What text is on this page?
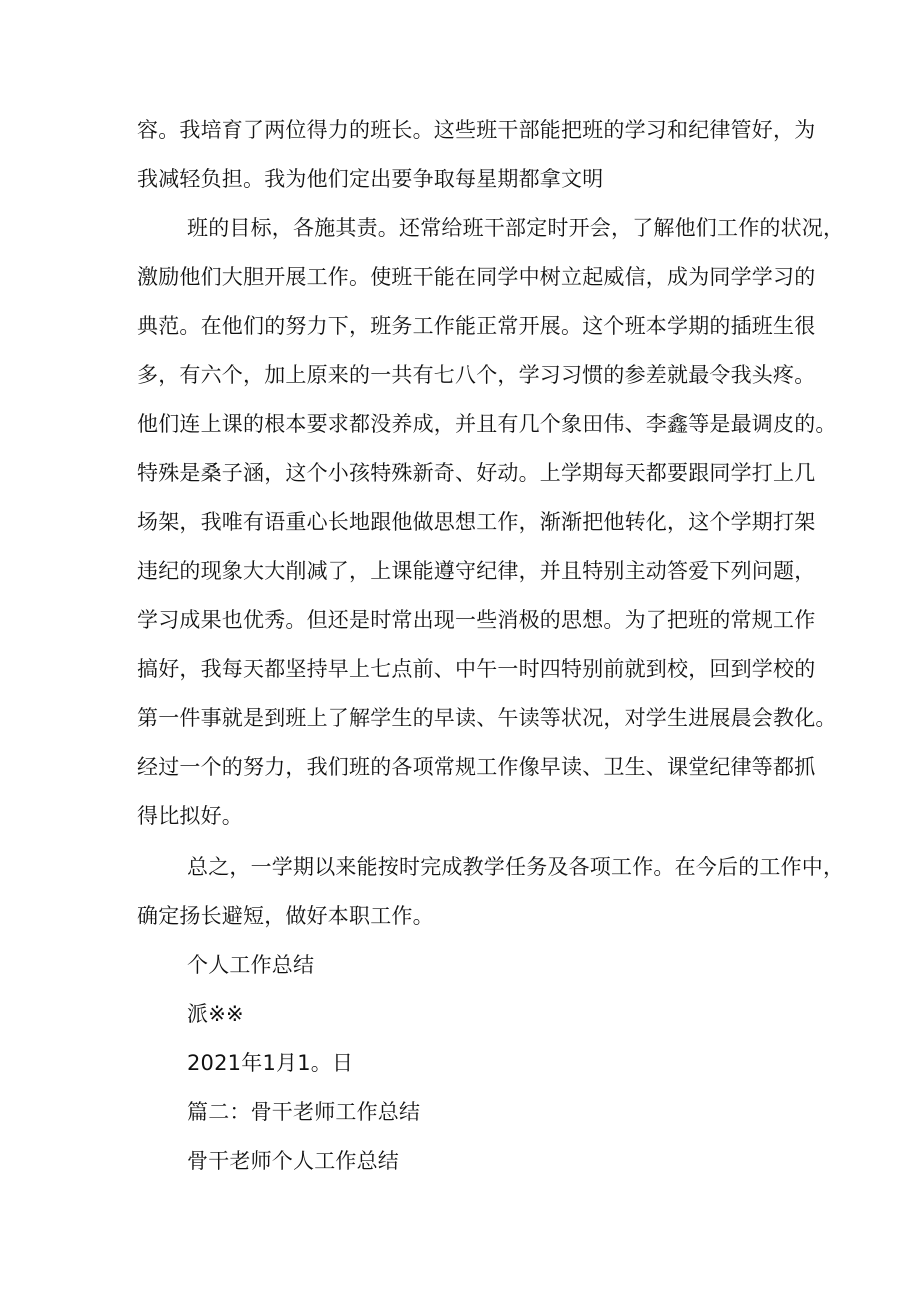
容。我培育了两位得力的班长。这些班干部能把班的学习和纪律管好，为
我减轻负担。我为他们定出要争取每星期都拿文明
班的目标，各施其责。还常给班干部定时开会，了解他们工作的状况，
激励他们大胆开展工作。使班干能在同学中树立起威信，成为同学学习的
典范。在他们的努力下，班务工作能正常开展。这个班本学期的插班生很
多，有六个，加上原来的一共有七八个，学习习惯的参差就最令我头疼。
他们连上课的根本要求都没养成，并且有几个象田伟、李鑫等是最调皮的。
特殊是桑子涵，这个小孩特殊新奇、好动。上学期每天都要跟同学打上几
场架，我唯有语重心长地跟他做思想工作，渐渐把他转化，这个学期打架
违纪的现象大大削减了，上课能遵守纪律，并且特别主动答爱下列问题，
学习成果也优秀。但还是时常出现一些消极的思想。为了把班的常规工作
搞好，我每天都坚持早上七点前、中午一时四特别前就到校，回到学校的
第一件事就是到班上了解学生的早读、午读等状况，对学生进展晨会教化。
经过一个的努力，我们班的各项常规工作像早读、卫生、课堂纪律等都抓
得比拟好。
总之，一学期以来能按时完成教学任务及各项工作。在今后的工作中，
确定扬长避短，做好本职工作。
个人工作总结
派※※
2021年1月1。日
篇二：骨干老师工作总结
骨干老师个人工作总结
